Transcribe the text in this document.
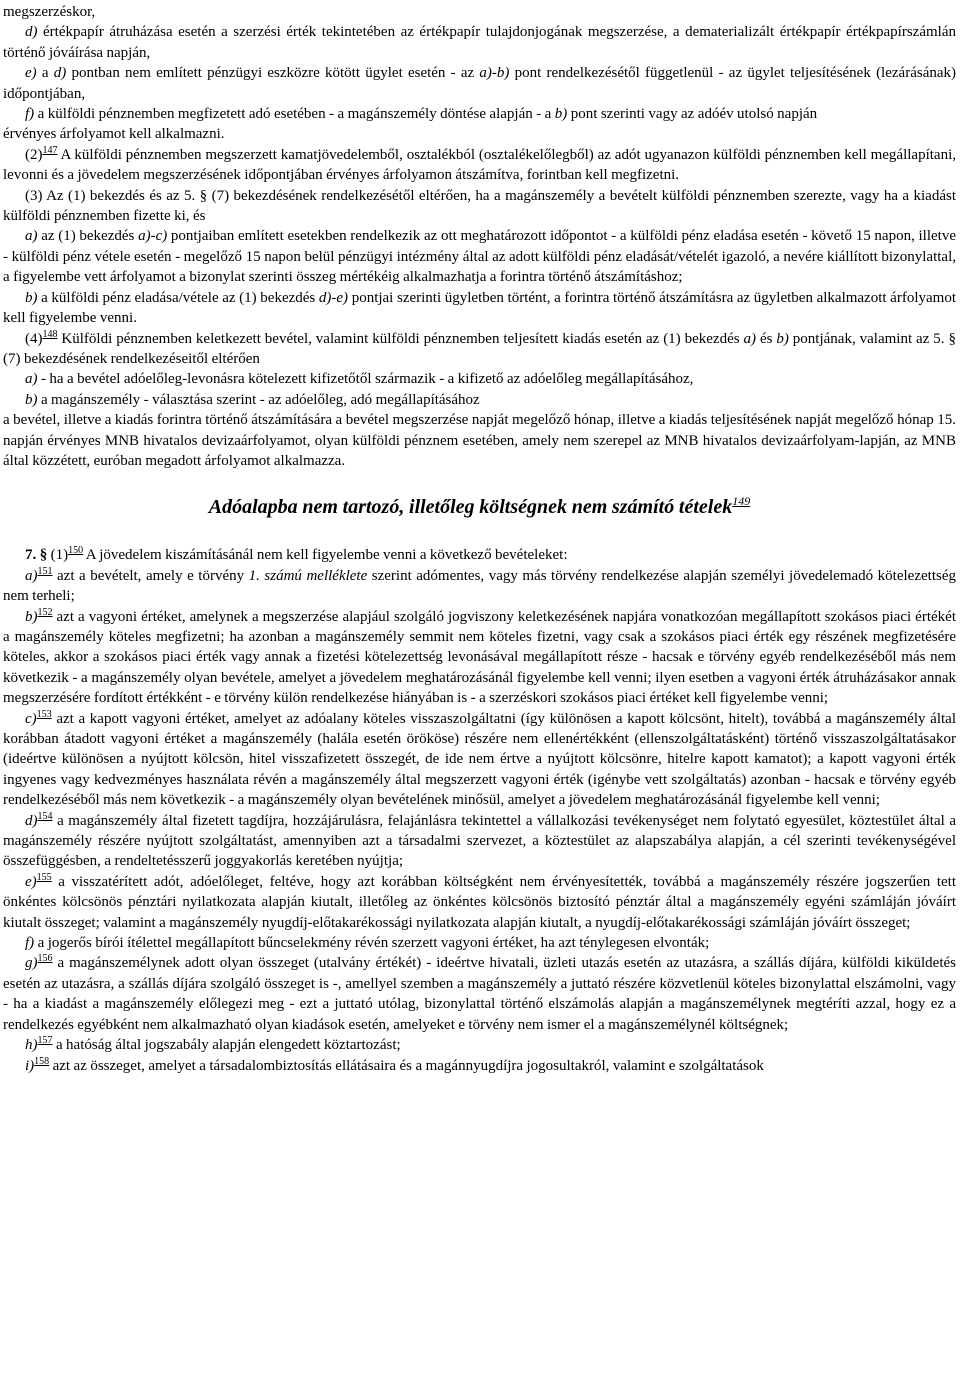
megszerzéskor,

d) értékpapír átruházása esetén a szerzési érték tekintetében az értékpapír tulajdonjogának megszerzése, a dematerializált értékpapír értékpapírszámlán történő jóváírása napján,

e) a d) pontban nem említett pénzügyi eszközre kötött ügylet esetén - az a)-b) pont rendelkezésétől függetlenül - az ügylet teljesítésének (lezárásának) időpontjában,

f) a külföldi pénznemben megfizetett adó esetében - a magánszemély döntése alapján - a b) pont szerinti vagy az adóév utolsó napján

érvényes árfolyamot kell alkalmazni.

$(2)^{147}$ A külföldi pénznemben megszerzett kamatjövedelemből, osztalékból (osztalékelőlegből) az adót ugyanazon külföldi pénznemben kell megállapítani, levonni és a jövedelem megszerzésének időpontjában érvényes árfolyamon átszámítva, forintban kell megfizetni.

(3) Az (1) bekezdés és az 5. § (7) bekezdésének rendelkezésétől eltérően, ha a magánszemély a bevételt külföldi pénznemben szerezte, vagy ha a kiadást külföldi pénznemben fizette ki, és

a) az (1) bekezdés a)-c) pontjaiban említett esetekben rendelkezik az ott meghatározott időpontot - a külföldi pénz eladása esetén - követő 15 napon, illetve - külföldi pénz vétele esetén - megelőző 15 napon belül pénzügyi intézmény által az adott külföldi pénz eladását/vételét igazoló, a nevére kiállított bizonylattal, a figyelembe vett árfolyamot a bizonylat szerinti összeg mértékéig alkalmazhatja a forintra történő átszámításhoz;

b) a külföldi pénz eladása/vétele az (1) bekezdés d)-e) pontjai szerinti ügyletben történt, a forintra történő átszámításra az ügyletben alkalmazott árfolyamot kell figyelembe venni.

$(4)^{148}$ Külföldi pénznemben keletkezett bevétel, valamint külföldi pénznemben teljesített kiadás esetén az (1) bekezdés a) és b) pontjának, valamint az 5. § (7) bekezdésének rendelkezéseitől eltérően

a) - ha a bevétel adóelőleg-levonásra kötelezett kifizetőtől származik - a kifizető az adóelőleg megállapításához,

b) a magánszemély - választása szerint - az adóelőleg, adó megállapításához

a bevétel, illetve a kiadás forintra történő átszámítására a bevétel megszerzése napját megelőző hónap, illetve a kiadás teljesítésének napját megelőző hónap 15. napján érvényes MNB hivatalos devizaárfolyamot, olyan külföldi pénznem esetében, amely nem szerepel az MNB hivatalos devizaárfolyam-lapján, az MNB által közzétett, euróban megadott árfolyamot alkalmazza.

Adóalapba nem tartozó, illetőleg költségnek nem számító tételek$^{149}$

7. § $(1)^{150}$ A jövedelem kiszámításánál nem kell figyelembe venni a következő bevételeket:

a)$^{151}$ azt a bevételt, amely e törvény 1. számú melléklete szerint adómentes, vagy más törvény rendelkezése alapján személyi jövedelemadó kötelezettség nem terheli;

b)$^{152}$ azt a vagyoni értéket, amelynek a megszerzése alapjául szolgáló jogviszony keletkezésének napjára vonatkozóan megállapított szokásos piaci értékét a magánszemély köteles megfizetni; ha azonban a magánszemély semmit nem köteles fizetni, vagy csak a szokásos piaci érték egy részének megfizetésére köteles, akkor a szokásos piaci érték vagy annak a fizetési kötelezettség levonásával megállapított része - hacsak e törvény egyéb rendelkezéséből más nem következik - a magánszemély olyan bevétele, amelyet a jövedelem meghatározásánál figyelembe kell venni; ilyen esetben a vagyoni érték átruházásakor annak megszerzésére fordított értékként - e törvény külön rendelkezése hiányában is - a szerzéskori szokásos piaci értéket kell figyelembe venni;

c)$^{153}$ azt a kapott vagyoni értéket, amelyet az adóalany köteles visszaszolgáltatni (így különösen a kapott kölcsönt, hitelt), továbbá a magánszemély által korábban átadott vagyoni értéket a magánszemély (halála esetén örököse) részére nem ellenértékként (ellenszolgáltatásként) történő visszaszolgáltatásakor (ideértve különösen a nyújtott kölcsön, hitel visszafizetett összegét, de ide nem értve a nyújtott kölcsönre, hitelre kapott kamatot); a kapott vagyoni érték ingyenes vagy kedvezményes használata révén a magánszemély által megszerzett vagyoni érték (igénybe vett szolgáltatás) azonban - hacsak e törvény egyéb rendelkezéséből más nem következik - a magánszemély olyan bevételének minősül, amelyet a jövedelem meghatározásánál figyelembe kell venni;

d)$^{154}$ a magánszemély által fizetett tagdíjra, hozzájárulásra, felajánlásra tekintettel a vállalkozási tevékenységet nem folytató egyesület, köztestület által a magánszemély részére nyújtott szolgáltatást, amennyiben azt a társadalmi szervezet, a köztestület az alapszabálya alapján, a cél szerinti tevékenységével összefüggésben, a rendeltetésszerű joggyakorlás keretében nyújtja;

e)$^{155}$ a visszatérített adót, adóelőleget, feltéve, hogy azt korábban költségként nem érvényesítették, továbbá a magánszemély részére jogszerűen tett önkéntes kölcsönös pénztári nyilatkozata alapján kiutalt, illetőleg az önkéntes kölcsönös biztosító pénztár által a magánszemély egyéni számláján jóváírt kiutalt összeget; valamint a magánszemély nyugdíj-előtakarékossági nyilatkozata alapján kiutalt, a nyugdíj-előtakarékossági számláján jóváírt összeget;

f) a jogerős bírói ítélettel megállapított bűncselekmény révén szerzett vagyoni értéket, ha azt ténylegesen elvonták;

g)$^{156}$ a magánszemélynek adott olyan összeget (utalvány értékét) - ideértve hivatali, üzleti utazás esetén az utazásra, a szállás díjára, külföldi kiküldetés esetén az utazásra, a szállás díjára szolgáló összeget is -, amellyel szemben a magánszemély a juttató részére közvetlenül köteles bizonylattal elszámolni, vagy - ha a kiadást a magánszemély előlegezi meg - ezt a juttató utólag, bizonylattal történő elszámolás alapján a magánszemélynek megtéríti azzal, hogy ez a rendelkezés egyébként nem alkalmazható olyan kiadások esetén, amelyeket e törvény nem ismer el a magánszemélynél költségnek;

h)$^{157}$ a hatóság által jogszabály alapján elengedett köztartozást;

i)$^{158}$ azt az összeget, amelyet a társadalombiztosítás ellátásaira és a magánnyugdíjra jogosultakról, valamint e szolgáltatások
